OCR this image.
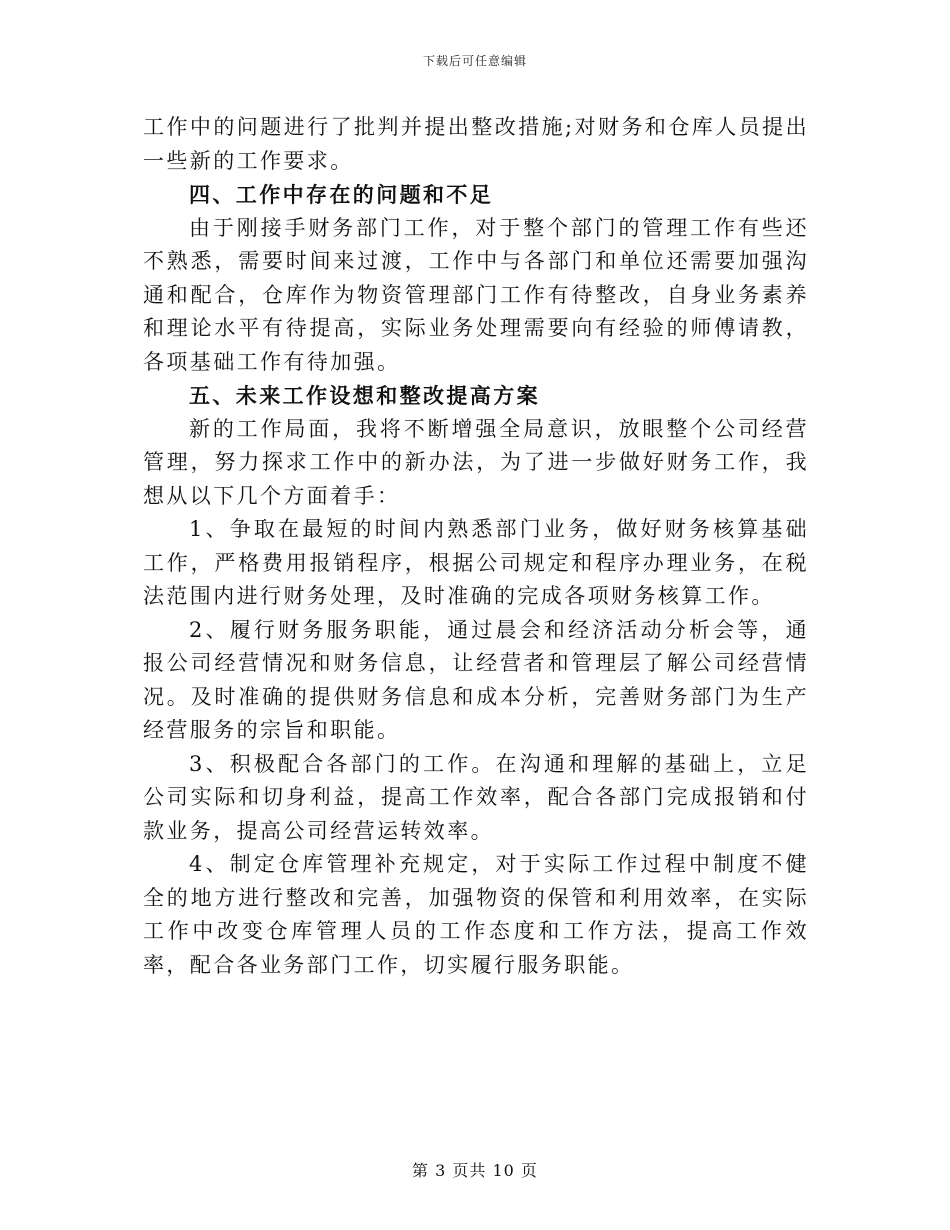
下载后可任意编辑

工作中的问题进行了批判并提出整改措施;对财务和仓库人员提出一些新的工作要求。

四、工作中存在的问题和不足

由于刚接手财务部门工作，对于整个部门的管理工作有些还不熟悉，需要时间来过渡，工作中与各部门和单位还需要加强沟通和配合，仓库作为物资管理部门工作有待整改，自身业务素养和理论水平有待提高，实际业务处理需要向有经验的师傅请教，各项基础工作有待加强。

五、未来工作设想和整改提高方案

新的工作局面，我将不断增强全局意识，放眼整个公司经营管理，努力探求工作中的新办法，为了进一步做好财务工作，我想从以下几个方面着手：

1、争取在最短的时间内熟悉部门业务，做好财务核算基础工作，严格费用报销程序，根据公司规定和程序办理业务，在税法范围内进行财务处理，及时准确的完成各项财务核算工作。

2、履行财务服务职能，通过晨会和经济活动分析会等，通报公司经营情况和财务信息，让经营者和管理层了解公司经营情况。及时准确的提供财务信息和成本分析，完善财务部门为生产经营服务的宗旨和职能。

3、积极配合各部门的工作。在沟通和理解的基础上，立足公司实际和切身利益，提高工作效率，配合各部门完成报销和付款业务，提高公司经营运转效率。

4、制定仓库管理补充规定，对于实际工作过程中制度不健全的地方进行整改和完善，加强物资的保管和利用效率，在实际工作中改变仓库管理人员的工作态度和工作方法，提高工作效率，配合各业务部门工作，切实履行服务职能。

第 3 页共 10 页
